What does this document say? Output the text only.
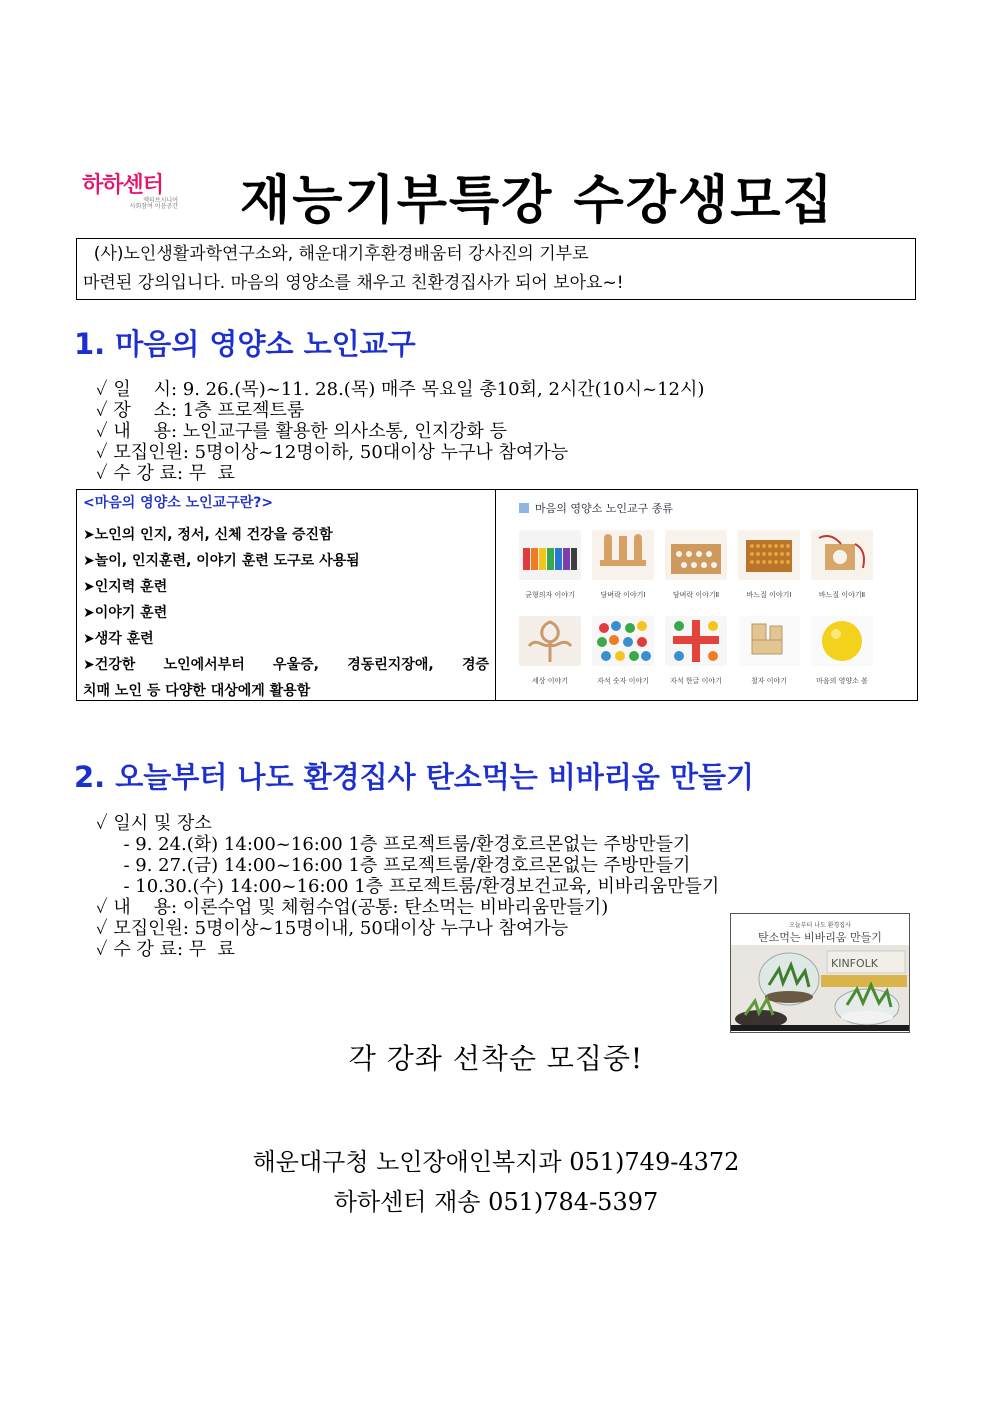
하하센터
액티브시니어
사회참여 이음공간 재능기부특강 수강생모집

(사)노인생활과학연구소와, 해운대기후환경배움터 강사진의 기부로

마련된 강의입니다. 마음의 영양소를 채우고 친환경집사가 되어 보아요~!

1. 마음의 영양소 노인교구
✓ 일    시: 9. 26.(목)~11. 28.(목) 매주 목요일 총10회, 2시간(10시~12시)
✓ 장    소: 1층 프로젝트룸
✓ 내    용: 노인교구를 활용한 의사소통, 인지강화 등
✓ 모집인원: 5명이상~12명이하, 50대이상 누구나 참여가능
✓ 수 강 료: 무  료
<마음의 영양소 노인교구란?>
➤노인의 인지, 정서, 신체 건강을 증진함
➤놀이, 인지훈련, 이야기 훈련 도구로 사용됨
➤인지력 훈련
➤이야기 훈련
➤생각 훈련
➤건강한 노인에서부터 우울증, 경동린지장애, 경증
치매 노인 등 다양한 대상에게 활용함
마음의 영양소 노인교구 종류
균형의자 이야기	담벼락 이야기Ⅰ	담벼락 이야기Ⅱ	바느질 이야기Ⅰ	바느질 이야기Ⅱ
세상 이야기	자석 숫자 이야기	자석 한글 이야기	철자 이야기	마음의 영양소 볼
2. 오늘부터 나도 환경집사 탄소먹는 비바리움 만들기
✓ 일시 및 장소
- 9. 24.(화) 14:00~16:00 1층 프로젝트룸/환경호르몬없는 주방만들기
- 9. 27.(금) 14:00~16:00 1층 프로젝트룸/환경호르몬없는 주방만들기
- 10.30.(수) 14:00~16:00 1층 프로젝트룸/환경보건교육, 비바리움만들기
✓ 내    용: 이론수업 및 체험수업(공통: 탄소먹는 비바리움만들기)
✓ 모집인원: 5명이상~15명이내, 50대이상 누구나 참여가능
✓ 수 강 료: 무  료
오늘부터 나도 환경집사
탄소먹는 비바리움 만들기
KINFOLK
각 강좌 선착순 모집중!
해운대구청 노인장애인복지과 051)749-4372
하하센터 재송 051)784-5397
